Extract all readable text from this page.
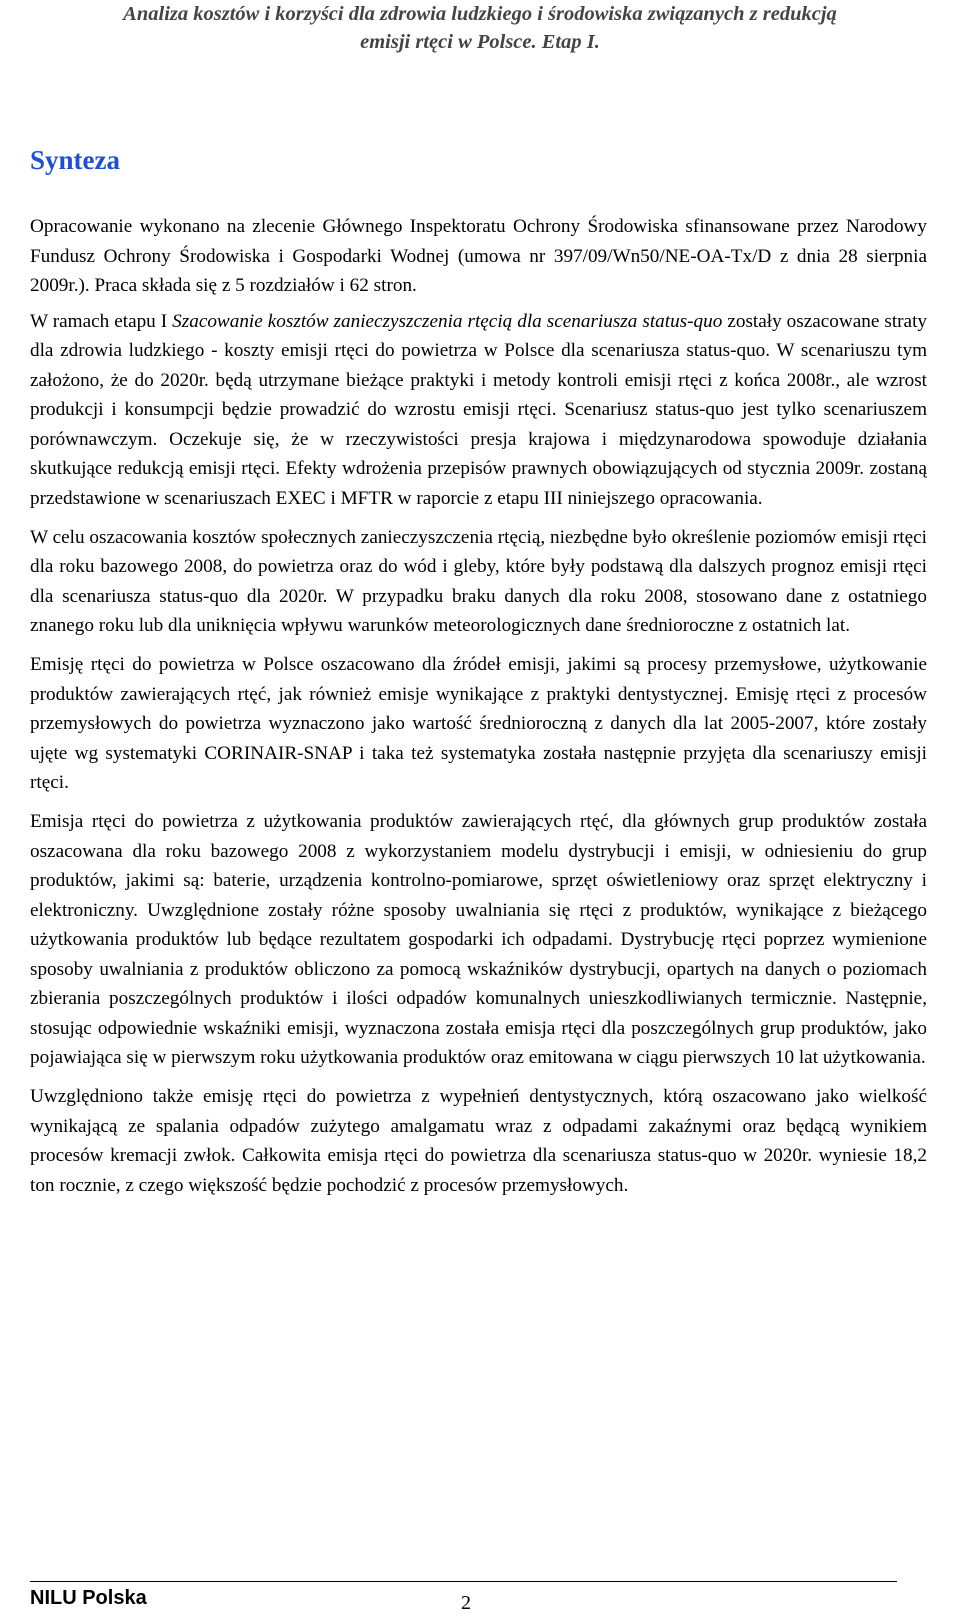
Analiza kosztów i korzyści dla zdrowia ludzkiego i środowiska związanych z redukcją
emisji rtęci w Polsce. Etap I.
Synteza

Opracowanie wykonano na zlecenie Głównego Inspektoratu Ochrony Środowiska sfinansowane przez Narodowy Fundusz Ochrony Środowiska i Gospodarki Wodnej (umowa nr 397/09/Wn50/NE-OA-Tx/D z dnia 28 sierpnia 2009r.). Praca składa się z 5 rozdziałów i 62 stron.

W ramach etapu I Szacowanie kosztów zanieczyszczenia rtęcią dla scenariusza status-quo zostały oszacowane straty dla zdrowia ludzkiego - koszty emisji rtęci do powietrza w Polsce dla scenariusza status-quo. W scenariuszu tym założono, że do 2020r. będą utrzymane bieżące praktyki i metody kontroli emisji rtęci z końca 2008r., ale wzrost produkcji i konsumpcji będzie prowadzić do wzrostu emisji rtęci. Scenariusz status-quo jest tylko scenariuszem porównawczym. Oczekuje się, że w rzeczywistości presja krajowa i międzynarodowa spowoduje działania skutkujące redukcją emisji rtęci. Efekty wdrożenia przepisów prawnych obowiązujących od stycznia 2009r. zostaną przedstawione w scenariuszach EXEC i MFTR w raporcie z etapu III niniejszego opracowania.

W celu oszacowania kosztów społecznych zanieczyszczenia rtęcią, niezbędne było określenie poziomów emisji rtęci dla roku bazowego 2008, do powietrza oraz do wód i gleby, które były podstawą dla dalszych prognoz emisji rtęci dla scenariusza status-quo dla 2020r. W przypadku braku danych dla roku 2008, stosowano dane z ostatniego znanego roku lub dla uniknięcia wpływu warunków meteorologicznych dane średnioroczne z ostatnich lat.

Emisję rtęci do powietrza w Polsce oszacowano dla źródeł emisji, jakimi są procesy przemysłowe, użytkowanie produktów zawierających rtęć, jak również emisje wynikające z praktyki dentystycznej. Emisję rtęci z procesów przemysłowych do powietrza wyznaczono jako wartość średnioroczną z danych dla lat 2005-2007, które zostały ujęte wg systematyki CORINAIR-SNAP i taka też systematyka została następnie przyjęta dla scenariuszy emisji rtęci.

Emisja rtęci do powietrza z użytkowania produktów zawierających rtęć, dla głównych grup produktów została oszacowana dla roku bazowego 2008 z wykorzystaniem modelu dystrybucji i emisji, w odniesieniu do grup produktów, jakimi są: baterie, urządzenia kontrolno-pomiarowe, sprzęt oświetleniowy oraz sprzęt elektryczny i elektroniczny. Uwzględnione zostały różne sposoby uwalniania się rtęci z produktów, wynikające z bieżącego użytkowania produktów lub będące rezultatem gospodarki ich odpadami. Dystrybucję rtęci poprzez wymienione sposoby uwalniania z produktów obliczono za pomocą wskaźników dystrybucji, opartych na danych o poziomach zbierania poszczególnych produktów i ilości odpadów komunalnych unieszkodliwianych termicznie. Następnie, stosując odpowiednie wskaźniki emisji, wyznaczona została emisja rtęci dla poszczególnych grup produktów, jako pojawiająca się w pierwszym roku użytkowania produktów oraz emitowana w ciągu pierwszych 10 lat użytkowania.

Uwzględniono także emisję rtęci do powietrza z wypełnień dentystycznych, którą oszacowano jako wielkość wynikającą ze spalania odpadów zużytego amalgamatu wraz z odpadami zakaźnymi oraz będącą wynikiem procesów kremacji zwłok. Całkowita emisja rtęci do powietrza dla scenariusza status-quo w 2020r. wyniesie 18,2 ton rocznie, z czego większość będzie pochodzić z procesów przemysłowych.

NILU Polska	2
